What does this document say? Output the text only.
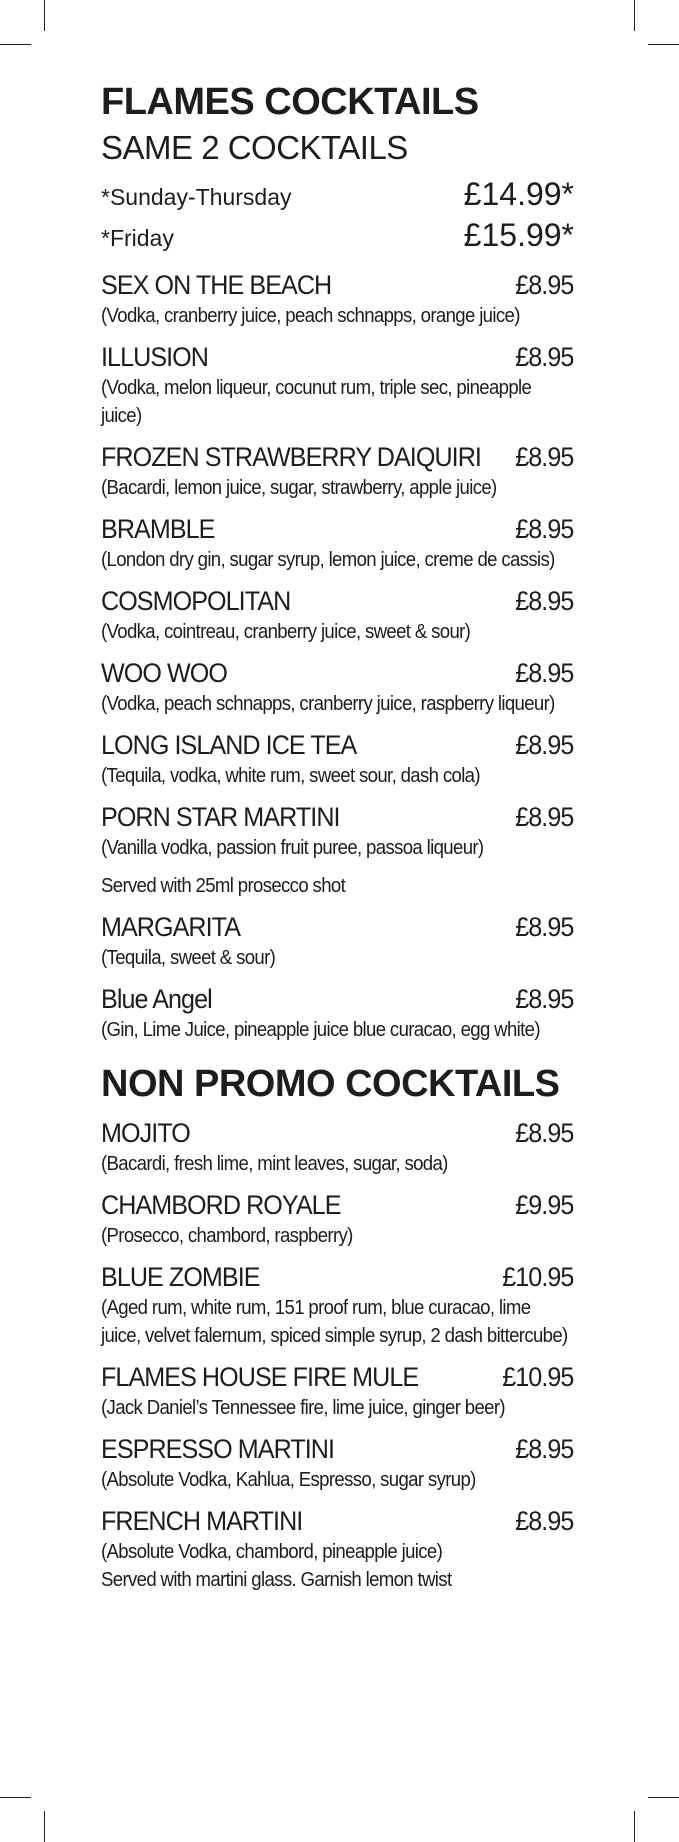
FLAMES COCKTAILS
SAME 2 COCKTAILS
*Sunday-Thursday	£14.99*
*Friday	£15.99*
SEX ON THE BEACH	£8.95
(Vodka, cranberry juice, peach schnapps, orange juice)
ILLUSION	£8.95
(Vodka, melon liqueur, cocunut rum, triple sec, pineapple juice)
FROZEN STRAWBERRY DAIQUIRI £8.95
(Bacardi, lemon juice, sugar, strawberry, apple juice)
BRAMBLE	£8.95
(London dry gin, sugar syrup, lemon juice, creme de cassis)
COSMOPOLITAN	£8.95
(Vodka, cointreau, cranberry juice, sweet & sour)
WOO WOO	£8.95
(Vodka, peach schnapps, cranberry juice, raspberry liqueur)
LONG ISLAND ICE TEA	£8.95
(Tequila, vodka, white rum, sweet sour, dash cola)
PORN STAR MARTINI	£8.95
(Vanilla vodka, passion fruit puree, passoa liqueur)
Served with 25ml prosecco shot
MARGARITA	£8.95
(Tequila, sweet & sour)
Blue Angel	£8.95
(Gin, Lime Juice, pineapple juice blue curacao, egg white)
NON PROMO COCKTAILS
MOJITO	£8.95
(Bacardi, fresh lime, mint leaves, sugar, soda)
CHAMBORD ROYALE	£9.95
(Prosecco, chambord, raspberry)
BLUE ZOMBIE	£10.95
(Aged rum, white rum, 151 proof rum, blue curacao, lime juice, velvet falernum, spiced simple syrup, 2 dash bittercube)
FLAMES HOUSE FIRE MULE	£10.95
(Jack Daniel’s Tennessee fire, lime juice, ginger beer)
ESPRESSO MARTINI	£8.95
(Absolute Vodka, Kahlua, Espresso, sugar syrup)
FRENCH MARTINI	£8.95
(Absolute Vodka, chambord, pineapple juice)
Served with martini glass. Garnish lemon twist
